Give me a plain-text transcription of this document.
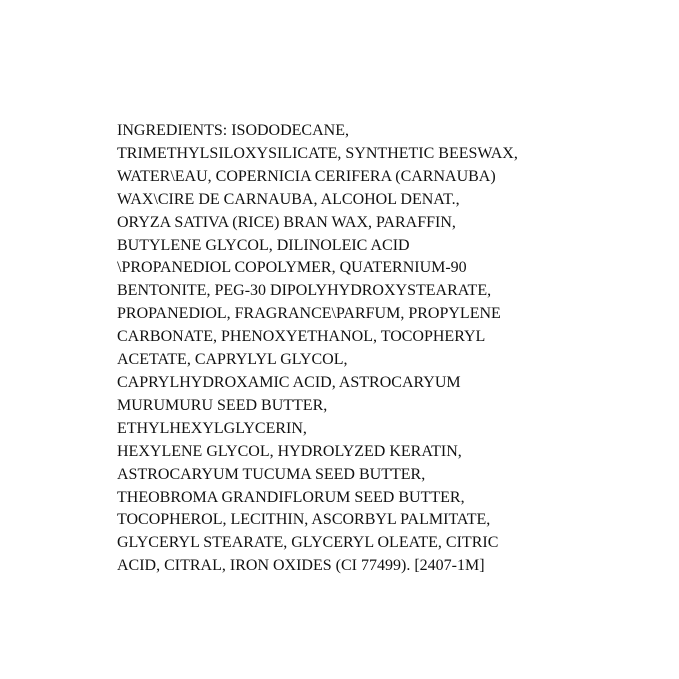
INGREDIENTS: ISODODECANE,
TRIMETHYLSILOXYSILICATE, SYNTHETIC BEESWAX,
WATER\EAU, COPERNICIA CERIFERA (CARNAUBA)
WAX\CIRE DE CARNAUBA, ALCOHOL DENAT.,
ORYZA SATIVA (RICE) BRAN WAX, PARAFFIN,
BUTYLENE GLYCOL, DILINOLEIC ACID
\PROPANEDIOL COPOLYMER, QUATERNIUM-90
BENTONITE, PEG-30 DIPOLYHYDROXYSTEARATE,
PROPANEDIOL, FRAGRANCE\PARFUM, PROPYLENE
CARBONATE, PHENOXYETHANOL, TOCOPHERYL
ACETATE, CAPRYLYL GLYCOL,
CAPRYLHYDROXAMIC ACID, ASTROCARYUM
MURUMURU SEED BUTTER,
ETHYLHEXYLGLYCERIN,
HEXYLENE GLYCOL, HYDROLYZED KERATIN,
ASTROCARYUM TUCUMA SEED BUTTER,
THEOBROMA GRANDIFLORUM SEED BUTTER,
TOCOPHEROL, LECITHIN, ASCORBYL PALMITATE,
GLYCERYL STEARATE, GLYCERYL OLEATE, CITRIC
ACID, CITRAL, IRON OXIDES (CI 77499). [2407-1M]
